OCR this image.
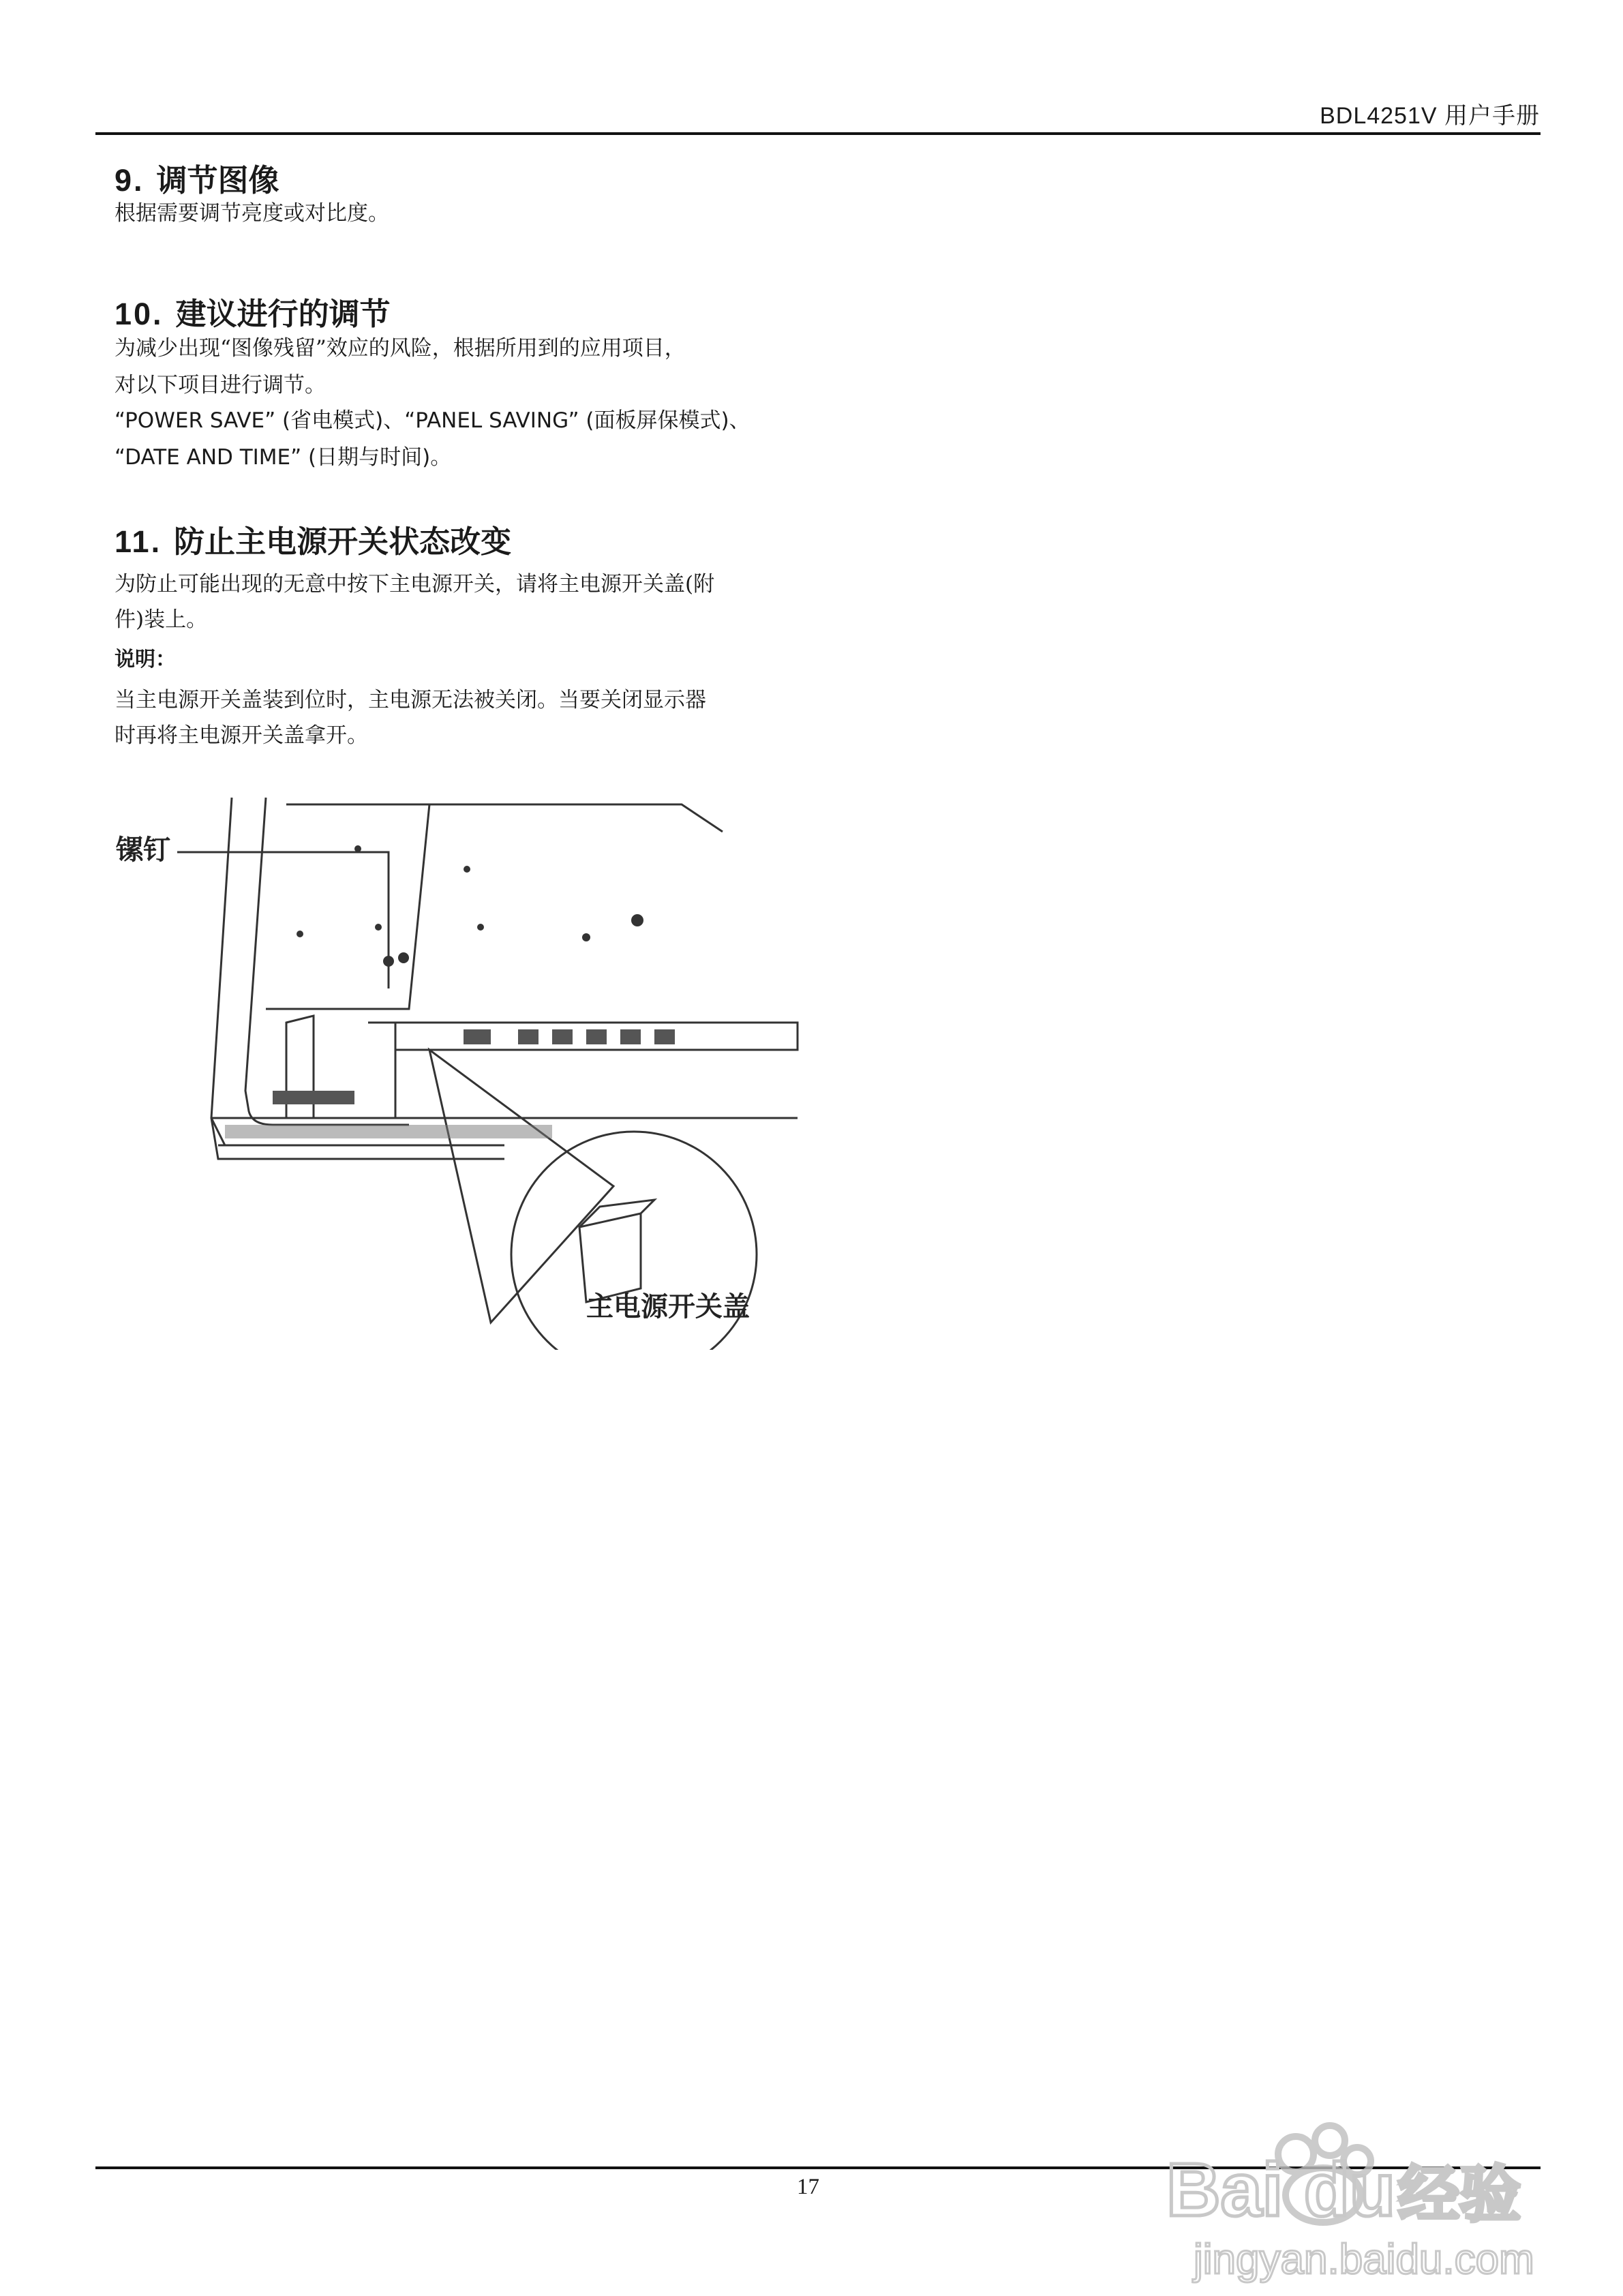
BDL4251V 用户手册
9. 调节图像
根据需要调节亮度或对比度。
10. 建议进行的调节
为减少出现“图像残留”效应的风险，根据所用到的应用项目，
对以下项目进行调节。
“POWER SAVE” (省电模式)、“PANEL SAVING” (面板屏保模式)、
“DATE AND TIME” (日期与时间)。
11. 防止主电源开关状态改变
为防止可能出现的无意中按下主电源开关，请将主电源开关盖(附
件)装上。
说明：
当主电源开关盖装到位时，主电源无法被关闭。当要关闭显示器
时再将主电源开关盖拿开。
镙钉
主电源开关盖
17	Bai du 经验
jingyan.baidu.com
